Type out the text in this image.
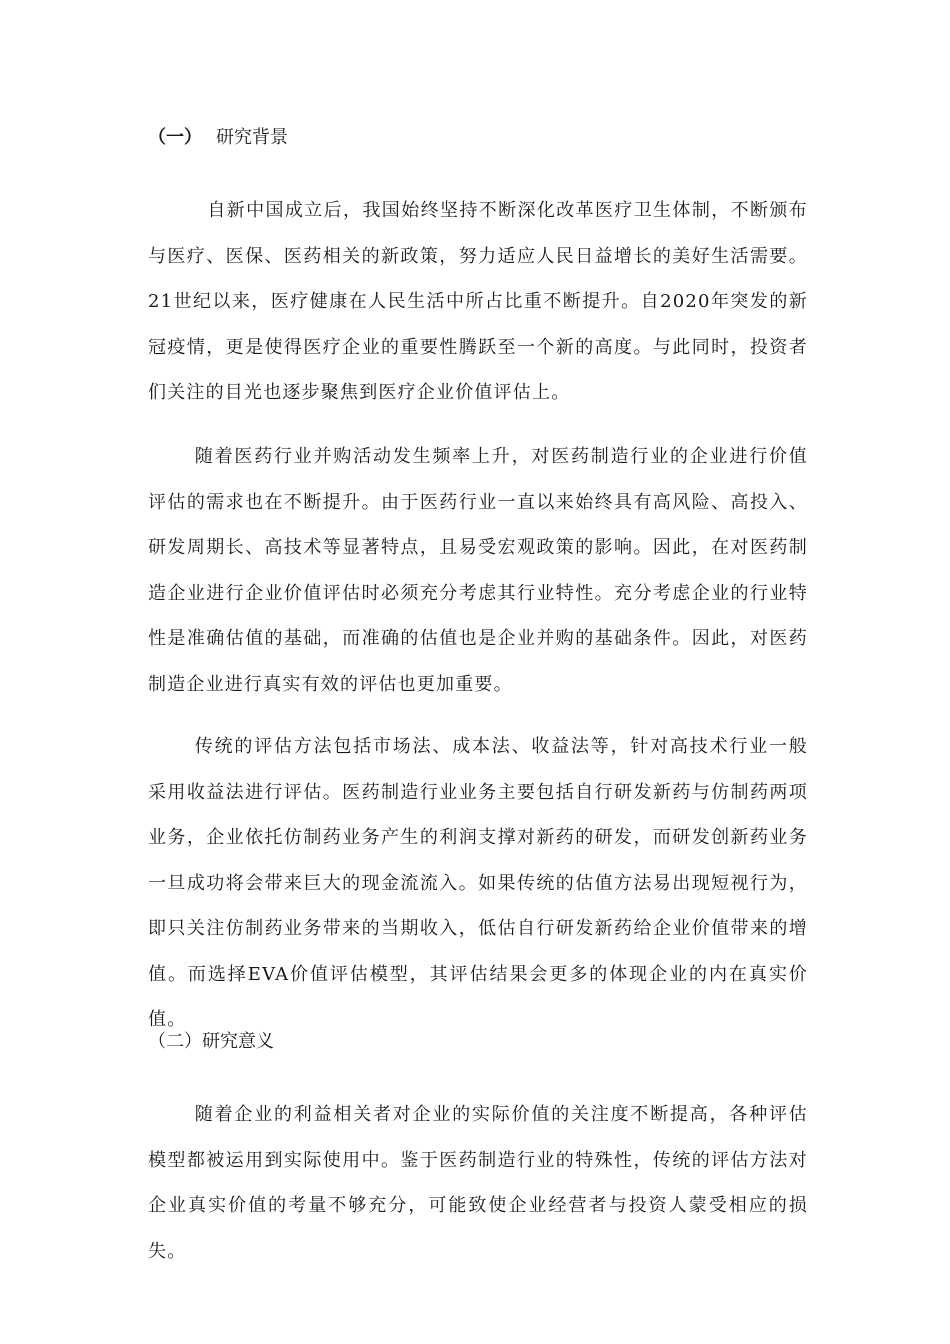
（一） 研究背景

自新中国成立后，我国始终坚持不断深化改革医疗卫生体制，不断颁布与医疗、医保、医药相关的新政策，努力适应人民日益增长的美好生活需要。21世纪以来，医疗健康在人民生活中所占比重不断提升。自2020年突发的新冠疫情，更是使得医疗企业的重要性腾跃至一个新的高度。与此同时，投资者们关注的目光也逐步聚焦到医疗企业价值评估上。

随着医药行业并购活动发生频率上升，对医药制造行业的企业进行价值评估的需求也在不断提升。由于医药行业一直以来始终具有高风险、高投入、研发周期长、高技术等显著特点，且易受宏观政策的影响。因此，在对医药制造企业进行企业价值评估时必须充分考虑其行业特性。充分考虑企业的行业特性是准确估值的基础，而准确的估值也是企业并购的基础条件。因此，对医药制造企业进行真实有效的评估也更加重要。

传统的评估方法包括市场法、成本法、收益法等，针对高技术行业一般采用收益法进行评估。医药制造行业业务主要包括自行研发新药与仿制药两项业务，企业依托仿制药业务产生的利润支撑对新药的研发，而研发创新药业务一旦成功将会带来巨大的现金流流入。如果传统的估值方法易出现短视行为，即只关注仿制药业务带来的当期收入，低估自行研发新药给企业价值带来的增值。而选择EVA价值评估模型，其评估结果会更多的体现企业的内在真实价值。

（二）研究意义

随着企业的利益相关者对企业的实际价值的关注度不断提高，各种评估模型都被运用到实际使用中。鉴于医药制造行业的特殊性，传统的评估方法对企业真实价值的考量不够充分，可能致使企业经营者与投资人蒙受相应的损失。
